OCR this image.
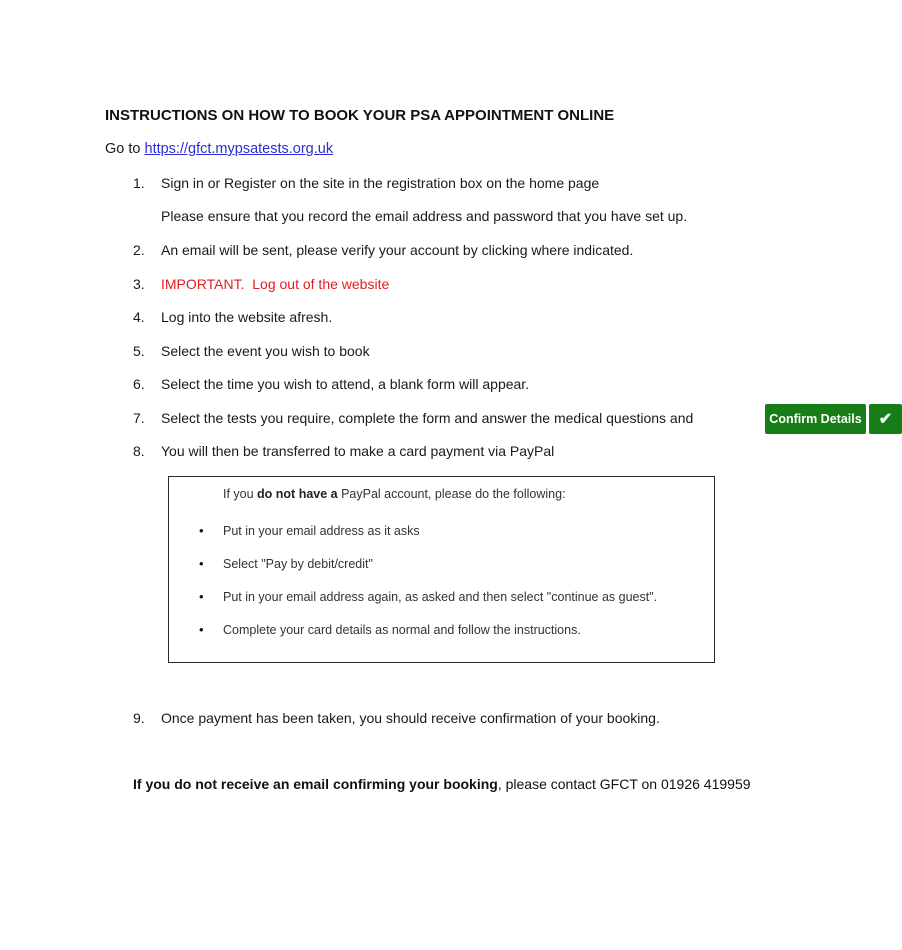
INSTRUCTIONS ON HOW TO BOOK YOUR PSA APPOINTMENT ONLINE
Go to https://gfct.mypsatests.org.uk
1. Sign in or Register on the site in the registration box on the home page
Please ensure that you record the email address and password that you have set up.
2. An email will be sent, please verify your account by clicking where indicated.
3. IMPORTANT.  Log out of the website
4. Log into the website afresh.
5. Select the event you wish to book
6. Select the time you wish to attend, a blank form will appear.
7. Select the tests you require, complete the form and answer the medical questions and	Confirm Details	✔
8. You will then be transferred to make a card payment via PayPal
If you do not have a PayPal account, please do the following:
• Put in your email address as it asks
• Select "Pay by debit/credit"
• Put in your email address again, as asked and then select "continue as guest".
• Complete your card details as normal and follow the instructions.
9. Once payment has been taken, you should receive confirmation of your booking.
If you do not receive an email confirming your booking, please contact GFCT on 01926 419959
